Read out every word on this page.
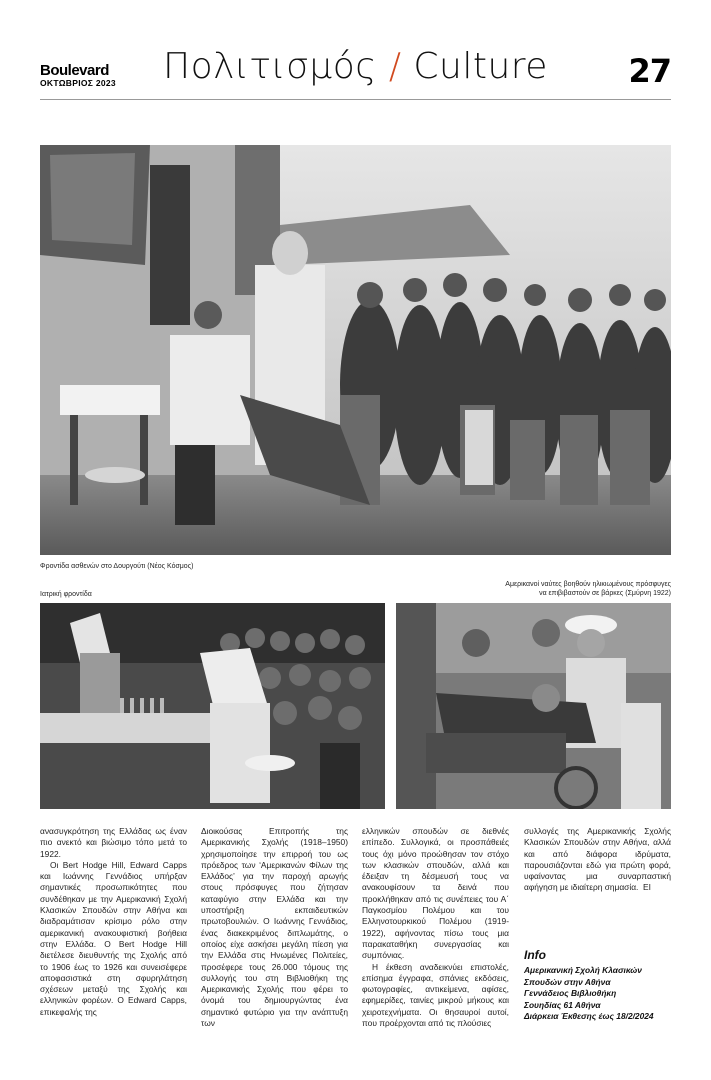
Boulevard
ΟΚΤΩΒΡΙΟΣ 2023	Πολιτισμός / Culture	27
Φροντίδα ασθενών στο Δουργούτι (Νέος Κόσμος)
Ιατρική φροντίδα
Αμερικανοί ναύτες βοηθούν ηλικιωμένους πρόσφυγες
να επιβιβαστούν σε βάρκες (Σμύρνη 1922)

ανασυγκρότηση της Ελλάδας ως έναν πιο ανεκτό και βιώσιμο τόπο μετά το 1922.

Οι Bert Hodge Hill, Edward Capps και Ιωάννης Γεννάδιος υπήρξαν σημαντικές προσωπικότητες που συνδέθηκαν με την Αμερικανική Σχολή Κλασικών Σπουδών στην Αθήνα και διαδραμάτισαν κρίσιμο ρόλο στην αμερικανική ανακουφιστική βοήθεια στην Ελλάδα. O Bert Hodge Hill διετέλεσε διευθυντής της Σχολής από το 1906 έως το 1926 και συνεισέφερε αποφασιστικά στη σφυρηλάτηση σχέσεων μεταξύ της Σχολής και ελληνικών φορέων. Ο Edward Capps, επικεφαλής της

Διοικούσας Επιτροπής της Αμερικανικής Σχολής (1918–1950) χρησιμοποίησε την επιρροή του ως πρόεδρος των ‘Αμερικανών Φίλων της Ελλάδος’ για την παροχή αρωγής στους πρόσφυγες που ζήτησαν καταφύγιο στην Ελλάδα και την υποστήριξη εκπαιδευτικών πρωτοβουλιών. Ο Ιωάννης Γεννάδιος, ένας διακεκριμένος διπλωμάτης, ο οποίος είχε ασκήσει μεγάλη πίεση για την Ελλάδα στις Ηνωμένες Πολιτείες, προσέφερε τους 26.000 τόμους της συλλογής του στη Βιβλιοθήκη της Αμερικανικής Σχολής που φέρει το όνομά του δημιουργώντας ένα σημαντικό φυτώριο για την ανάπτυξη των

ελληνικών σπουδών σε διεθνές επίπεδο. Συλλογικά, οι προσπάθειές τους όχι μόνο προώθησαν τον στόχο των κλασικών σπουδών, αλλά και έδειξαν τη δέσμευσή τους να ανακουφίσουν τα δεινά που προκλήθηκαν από τις συνέπειες του Α΄ Παγκοσμίου Πολέμου και του Ελληνοτουρκικού Πολέμου (1919-1922), αφήνοντας πίσω τους μια παρακαταθήκη συνεργασίας και συμπόνιας.

Η έκθεση αναδεικνύει επιστολές, επίσημα έγγραφα, σπάνιες εκδόσεις, φωτογραφίες, αντικείμενα, αφίσες, εφημερίδες, ταινίες μικρού μήκους και χειροτεχνήματα. Οι θησαυροί αυτοί, που προέρχονται από τις πλούσιες

συλλογές της Αμερικανικής Σχολής Κλασικών Σπουδών στην Αθήνα, αλλά και από διάφορα ιδρύματα, παρουσιάζονται εδώ για πρώτη φορά, υφαίνοντας μια συναρπαστική αφήγηση με ιδιαίτερη σημασία. EΙ

Info
Αμερικανική Σχολή Κλασικών
Σπουδών στην Αθήνα
Γεννάδειος Βιβλιοθήκη
Σουηδίας 61 Αθήνα
Διάρκεια Έκθεσης έως 18/2/2024
